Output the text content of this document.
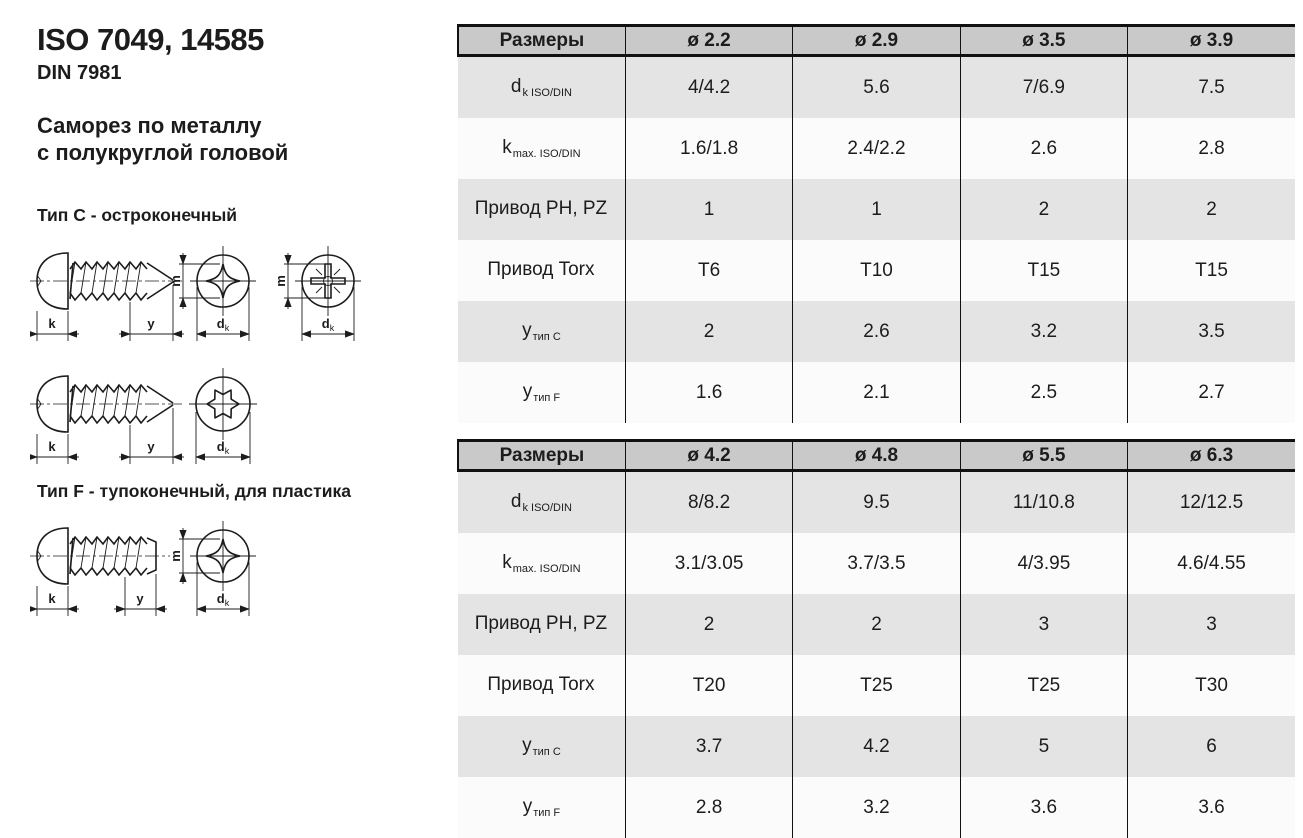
ISO 7049, 14585
DIN 7981
Саморез по металлу
с полукруглой головой
Тип C - остроконечный
k	y
m
$d_k$
m
$d_k$
k	y	$d_k$
Тип F - тупоконечный, для пластика
k	y
m
$d_k$
Размеры	ø 2.2	ø 2.9	ø 3.5	ø 3.9
$d_{k ISO/DIN}$	4/4.2	5.6	7/6.9	7.5
$k_{max. ISO/DIN}$	1.6/1.8	2.4/2.2	2.6	2.8
Привод PH, PZ	1	1	2	2
Привод Torx	T6	T10	T15	T15
$у_{тип C}$	2	2.6	3.2	3.5
$у_{тип F}$	1.6	2.1	2.5	2.7
Размеры	ø 4.2	ø 4.8	ø 5.5	ø 6.3
$d_{k ISO/DIN}$	8/8.2	9.5	11/10.8	12/12.5
$k_{max. ISO/DIN}$	3.1/3.05	3.7/3.5	4/3.95	4.6/4.55
Привод PH, PZ	2	2	3	3
Привод Torx	T20	T25	T25	T30
$у_{тип C}$	3.7	4.2	5	6
$у_{тип F}$	2.8	3.2	3.6	3.6
